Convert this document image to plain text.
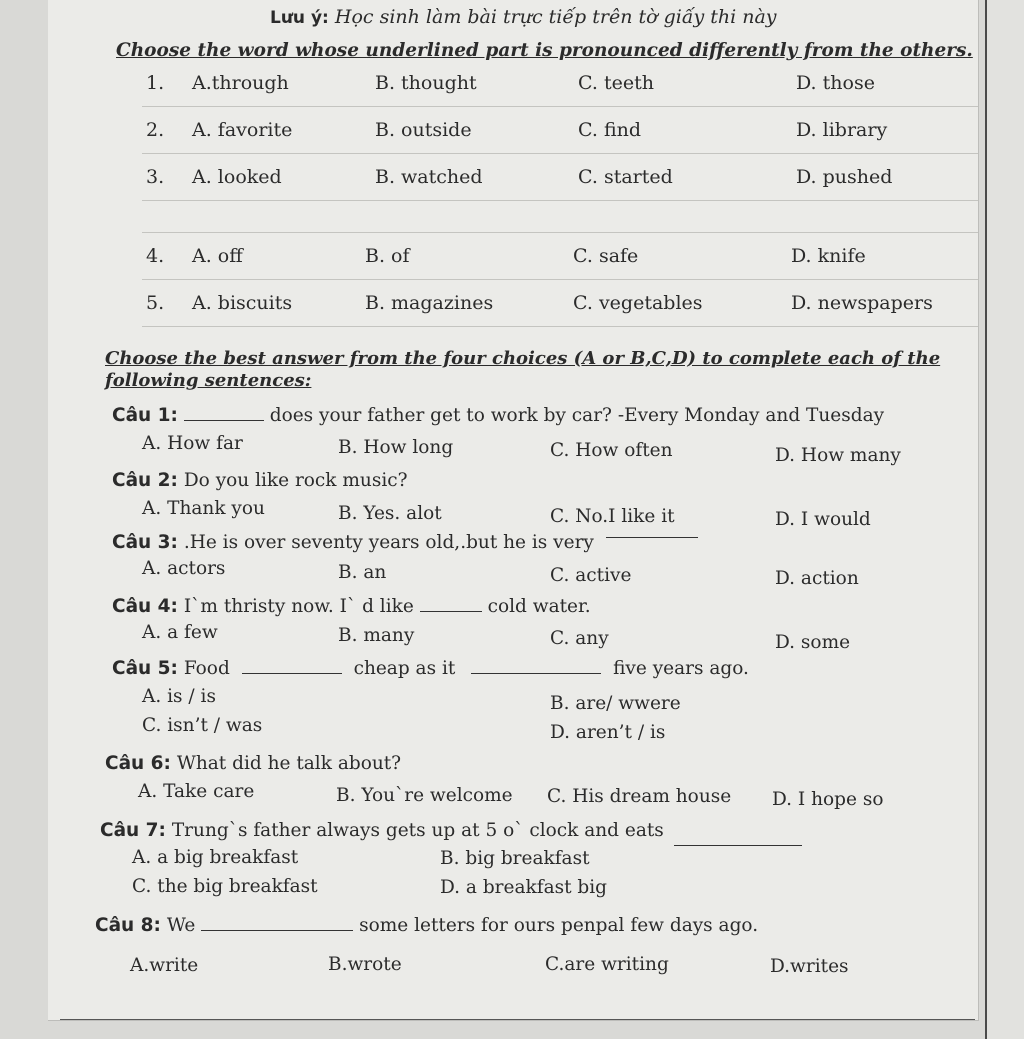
Lưu ý: Học sinh làm bài trực tiếp trên tờ giấy thi này
Choose the word whose underlined part is pronounced differently from the others.
1.	A.through	B. thought	C. teeth	D. those
2.	A. favorite	B. outside	C. find	D. library
3.	A. looked	B. watched	C. started	D. pushed
4.	A. off	B. of	C. safe	D. knife
5.	A. biscuits	B. magazines	C. vegetables	D. newspapers
Choose the best answer from the four choices (A or B,C,D) to complete each of the
following sentences:
Câu 1:	does your father get to work by car? -Every Monday and Tuesday
A. How far	B. How long	C. How often	D. How many
Câu 2: Do you like rock music?
A. Thank you	B. Yes. alot	C. No.I like it	D. I would
Câu 3: .He is over seventy years old,.but he is very
A. actors	B. an	C. active	D. action
Câu 4: I`m thristy now. I` d like	cold water.
A. a few	B. many	C. any	D. some
Câu 5: Food	cheap as it	five years ago.
A. is / is	B. are/ wwere
C. isn’t / was	D. aren’t / is
Câu 6: What did he talk about?
A. Take care	B. You`re welcome C. His dream house D. I hope so
Câu 7: Trung`s father always gets up at 5 o` clock and eats
A. a big breakfast	B. big breakfast
C. the big breakfast	D. a breakfast big
Câu 8: We	some letters for ours penpal few days ago.
A.write	B.wrote	C.are writing	D.writes
